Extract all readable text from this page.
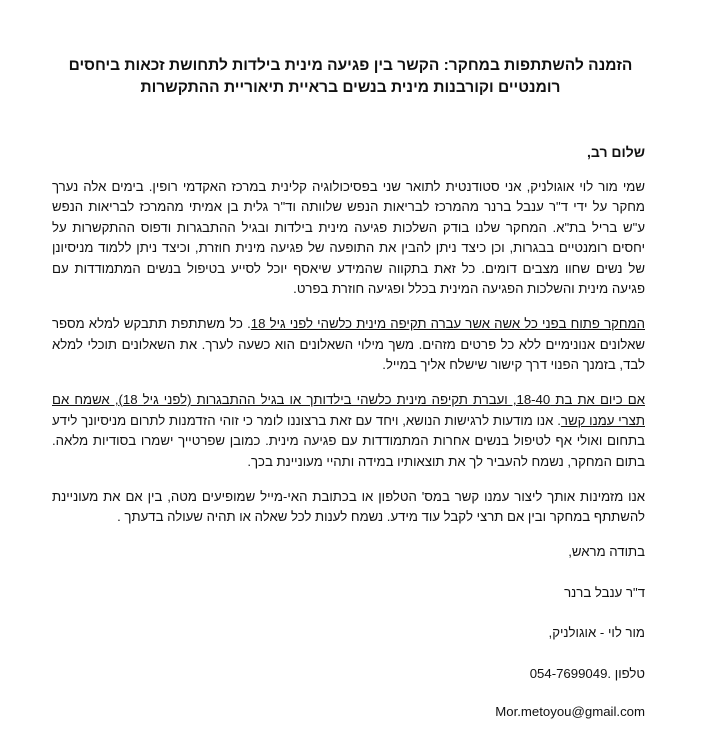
הזמנה להשתתפות במחקר: הקשר בין פגיעה מינית בילדות לתחושת זכאות ביחסים
רומנטיים וקורבנות מינית בנשים בראיית תיאוריית ההתקשרות

שלום רב,

שמי מור לוי אוגולניק, אני סטודנטית לתואר שני בפסיכולוגיה קלינית במרכז האקדמי רופין. בימים אלה נערך מחקר על ידי ד"ר ענבל ברנר מהמרכז לבריאות הנפש שלוותה וד"ר גלית בן אמיתי מהמרכז לבריאות הנפש ע"ש בריל בת"א. המחקר שלנו בודק השלכות פגיעה מינית בילדות ובגיל ההתבגרות ודפוס ההתקשרות על יחסים רומנטיים בבגרות, וכן כיצד ניתן להבין את התופעה של פגיעה מינית חוזרת, וכיצד ניתן ללמוד מניסיונן של נשים שחוו מצבים דומים. כל זאת בתקווה שהמידע שיאסף יוכל לסייע בטיפול בנשים המתמודדות עם פגיעה מינית והשלכות הפגיעה המינית בכלל ופגיעה חוזרת בפרט.

המחקר פתוח בפני כל אשה אשר עברה תקיפה מינית כלשהי לפני גיל 18. כל משתתפת תתבקש למלא מספר שאלונים אנונימיים ללא כל פרטים מזהים. משך מילוי השאלונים הוא כשעה לערך. את השאלונים תוכלי למלא לבד, בזמנך הפנוי דרך קישור שישלח אליך במייל.

אם כיום את בת 18-40, ועברת תקיפה מינית כלשהי בילדותך או בגיל ההתבגרות (לפני גיל 18), אשמח אם תצרי עמנו קשר. אנו מודעות לרגישות הנושא, ויחד עם זאת ברצוננו לומר כי זוהי הזדמנות לתרום מניסיונך לידע בתחום ואולי אף לטיפול בנשים אחרות המתמודדות עם פגיעה מינית. כמובן שפרטייך ישמרו בסודיות מלאה. בתום המחקר, נשמח להעביר לך את תוצאותיו במידה ותהיי מעוניינת בכך.

אנו מזמינות אותך ליצור עמנו קשר במס' הטלפון או בכתובת האי-מייל שמופיעים מטה, בין אם את מעוניינת להשתתף במחקר ובין אם תרצי לקבל עוד מידע. נשמח לענות לכל שאלה או תהיה שעולה בדעתך .

בתודה מראש,

ד"ר ענבל ברנר

מור לוי - אוגולניק,

טלפון 054-7699049.

Mor.metoyou@gmail.com
